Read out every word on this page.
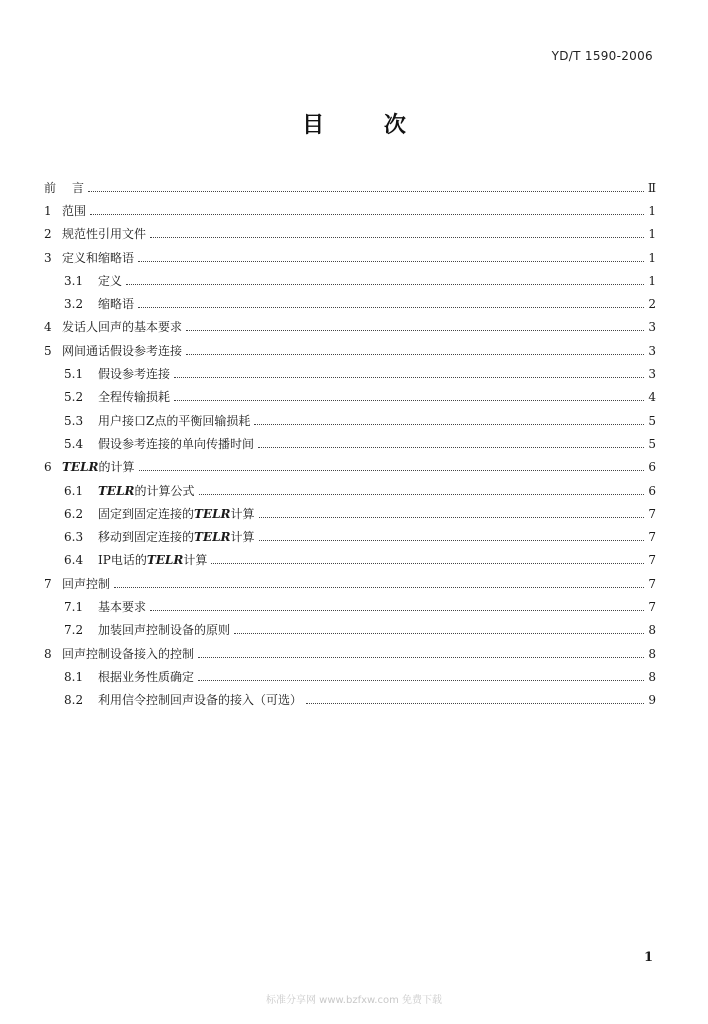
YD/T 1590-2006
目 次
前	言	Ⅱ
1 范围	1
2 规范性引用文件	1
3 定义和缩略语	1
3.1	定义	1
3.2	缩略语	2
4 发话人回声的基本要求	3
5 网间通话假设参考连接	3
5.1	假设参考连接	3
5.2	全程传输损耗	4
5.3	用户接口Z点的平衡回输损耗	5
5.4	假设参考连接的单向传播时间	5
6 TELR的计算	6
6.1	TELR的计算公式	6
6.2	固定到固定连接的TELR计算	7
6.3	移动到固定连接的TELR计算	7
6.4	IP电话的TELR计算	7
7 回声控制	7
7.1	基本要求	7
7.2	加装回声控制设备的原则	8
8 回声控制设备接入的控制	8
8.1	根据业务性质确定	8
8.2	利用信令控制回声设备的接入（可选）	9
1
标准分享网 www.bzfxw.com 免费下载
